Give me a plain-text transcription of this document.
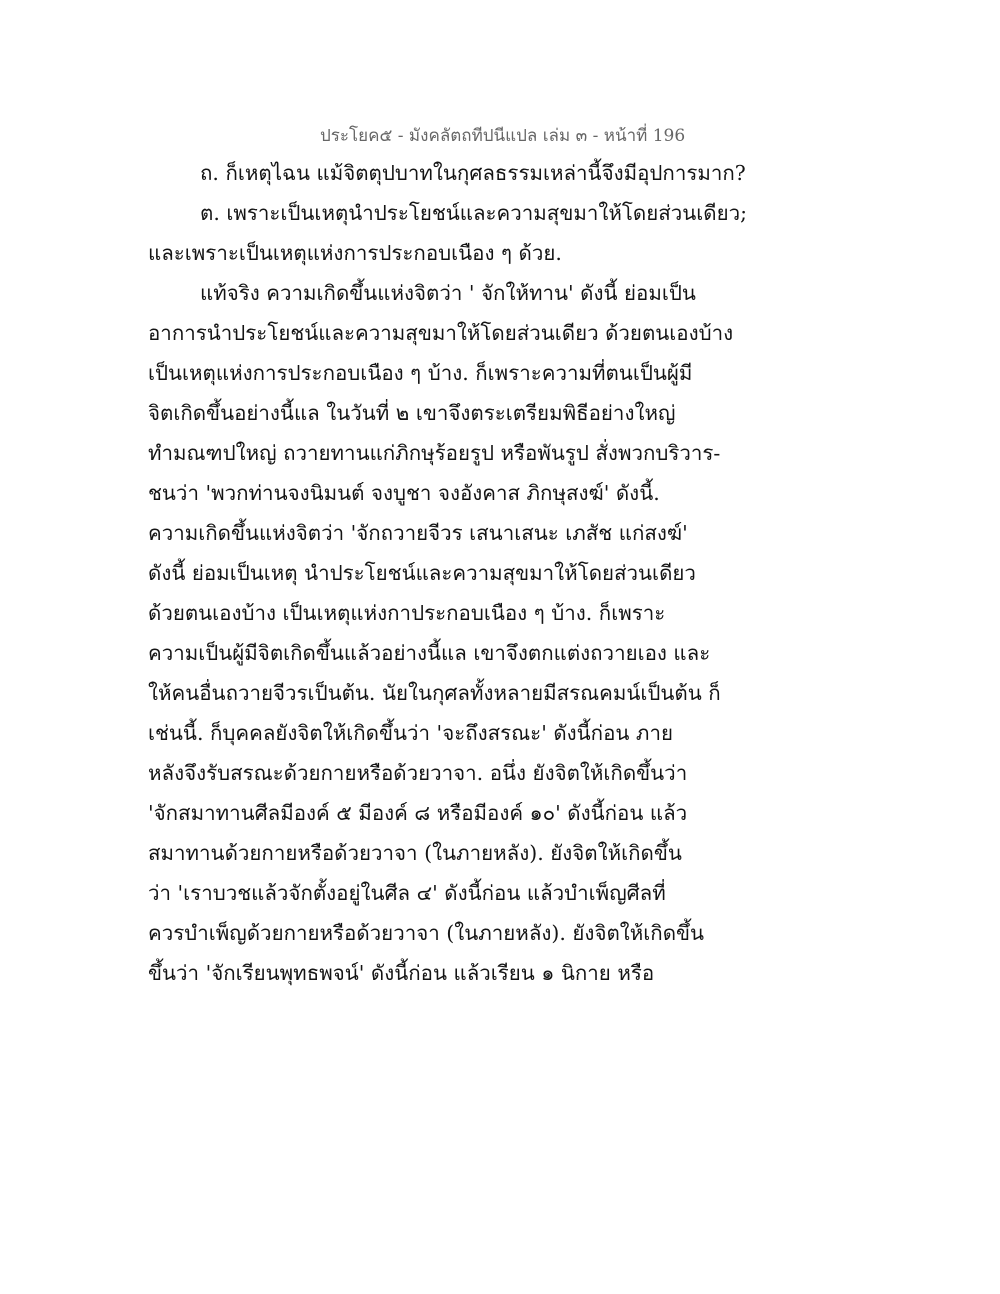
ประโยค๕ - มังคลัตถทีปนีแปล เล่ม ๓ - หน้าที่ 196
ถ. ก็เหตุไฉน แม้จิตตุปบาทในกุศลธรรมเหล่านี้จึงมีอุปการมาก?
ต. เพราะเป็นเหตุนำประโยชน์และความสุขมาให้โดยส่วนเดียว;
และเพราะเป็นเหตุแห่งการประกอบเนือง ๆ ด้วย.
แท้จริง ความเกิดขึ้นแห่งจิตว่า ' จักให้ทาน' ดังนี้ ย่อมเป็น
อาการนำประโยชน์และความสุขมาให้โดยส่วนเดียว ด้วยตนเองบ้าง
เป็นเหตุแห่งการประกอบเนือง ๆ บ้าง. ก็เพราะความที่ตนเป็นผู้มี
จิตเกิดขึ้นอย่างนี้แล ในวันที่ ๒ เขาจึงตระเตรียมพิธีอย่างใหญ่
ทำมณฑปใหญ่ ถวายทานแก่ภิกษุร้อยรูป หรือพันรูป สั่งพวกบริวาร-
ชนว่า 'พวกท่านจงนิมนต์ จงบูชา จงอังคาส ภิกษุสงฆ์' ดังนี้.
ความเกิดขึ้นแห่งจิตว่า 'จักถวายจีวร เสนาเสนะ เภสัช แก่สงฆ์'
ดังนี้ ย่อมเป็นเหตุ นำประโยชน์และความสุขมาให้โดยส่วนเดียว
ด้วยตนเองบ้าง เป็นเหตุแห่งกาประกอบเนือง ๆ บ้าง. ก็เพราะ
ความเป็นผู้มีจิตเกิดขึ้นแล้วอย่างนี้แล เขาจึงตกแต่งถวายเอง และ
ให้คนอื่นถวายจีวรเป็นต้น. นัยในกุศลทั้งหลายมีสรณคมน์เป็นต้น ก็
เช่นนี้. ก็บุคคลยังจิตให้เกิดขึ้นว่า 'จะถึงสรณะ' ดังนี้ก่อน ภาย
หลังจึงรับสรณะด้วยกายหรือด้วยวาจา. อนึ่ง ยังจิตให้เกิดขึ้นว่า
'จักสมาทานศีลมีองค์ ๕ มีองค์ ๘ หรือมีองค์ ๑๐' ดังนี้ก่อน แล้ว
สมาทานด้วยกายหรือด้วยวาจา (ในภายหลัง). ยังจิตให้เกิดขึ้น
ว่า 'เราบวชแล้วจักตั้งอยู่ในศีล ๔' ดังนี้ก่อน แล้วบำเพ็ญศีลที่
ควรบำเพ็ญด้วยกายหรือด้วยวาจา (ในภายหลัง). ยังจิตให้เกิดขึ้น
ขึ้นว่า 'จักเรียนพุทธพจน์' ดังนี้ก่อน แล้วเรียน ๑ นิกาย หรือ
